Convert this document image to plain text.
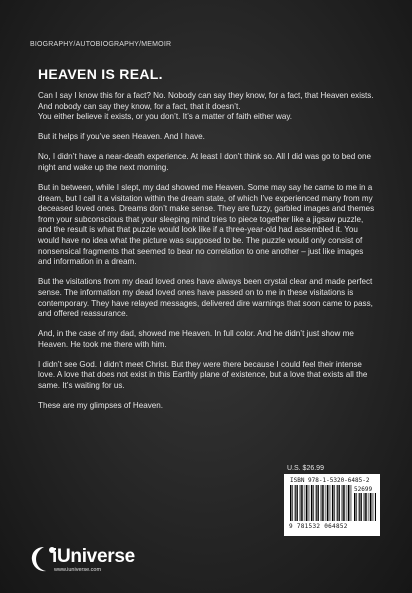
BIOGRAPHY/AUTOBIOGRAPHY/MEMOIR
HEAVEN IS REAL.
Can I say I know this for a fact? No. Nobody can say they know, for a fact, that Heaven exists. And nobody can say they know, for a fact, that it doesn’t.
You either believe it exists, or you don’t. It’s a matter of faith either way.
But it helps if you’ve seen Heaven. And I have.
No, I didn’t have a near-death experience. At least I don’t think so. All I did was go to bed one night and wake up the next morning.
But in between, while I slept, my dad showed me Heaven. Some may say he came to me in a dream, but I call it a visitation within the dream state, of which I’ve experienced many from my deceased loved ones. Dreams don’t make sense. They are fuzzy, garbled images and themes from your subconscious that your sleeping mind tries to piece together like a jigsaw puzzle, and the result is what that puzzle would look like if a three-year-old had assembled it. You would have no idea what the picture was supposed to be. The puzzle would only consist of nonsensical fragments that seemed to bear no correlation to one another – just like images and information in a dream.
But the visitations from my dead loved ones have always been crystal clear and made perfect sense. The information my dead loved ones have passed on to me in these visitations is contemporary. They have relayed messages, delivered dire warnings that soon came to pass, and offered reassurance.
And, in the case of my dad, showed me Heaven. In full color. And he didn’t just show me Heaven. He took me there with him.
I didn’t see God. I didn’t meet Christ. But they were there because I could feel their intense love. A love that does not exist in this Earthly plane of existence, but a love that exists all the same. It’s waiting for us.
These are my glimpses of Heaven.
U.S. $26.99
ISBN 978-1-5320-6485-2
52699
9 781532 064852
iUniverse
www.iuniverse.com
